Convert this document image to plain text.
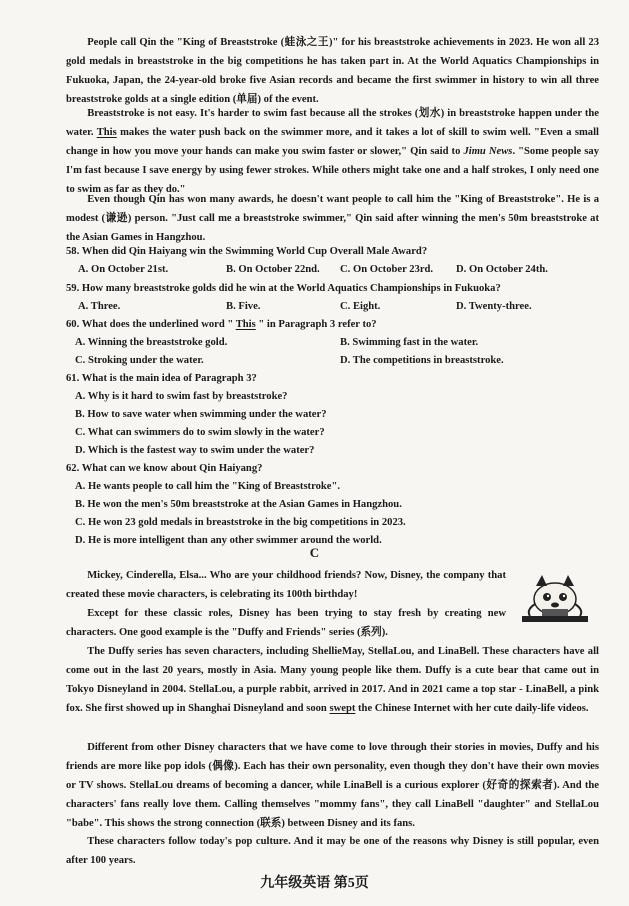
People call Qin the "King of Breaststroke (蛙泳之王)" for his breaststroke achievements in 2023. He won all 23 gold medals in breaststroke in the big competitions he has taken part in. At the World Aquatics Championships in Fukuoka, Japan, the 24-year-old broke five Asian records and became the first swimmer in history to win all three breaststroke golds at a single edition (单届) of the event.

Breaststroke is not easy. It's harder to swim fast because all the strokes (划水) in breaststroke happen under the water. This makes the water push back on the swimmer more, and it takes a lot of skill to swim well. "Even a small change in how you move your hands can make you swim faster or slower," Qin said to Jimu News. "Some people say I'm fast because I save energy by using fewer strokes. While others might take one and a half strokes, I only need one to swim as far as they do."

Even though Qin has won many awards, he doesn't want people to call him the "King of Breaststroke". He is a modest (谦逊) person. "Just call me a breaststroke swimmer," Qin said after winning the men's 50m breaststroke at the Asian Games in Hangzhou.

58. When did Qin Haiyang win the Swimming World Cup Overall Male Award?
A. On October 21st.	B. On October 22nd. C. On October 23rd. D. On October 24th.
59. How many breaststroke golds did he win at the World Aquatics Championships in Fukuoka?
A. Three.	B. Five.	C. Eight.	D. Twenty-three.
60. What does the underlined word " This " in Paragraph 3 refer to?
A. Winning the breaststroke gold.	B. Swimming fast in the water.
C. Stroking under the water.	D. The competitions in breaststroke.
61. What is the main idea of Paragraph 3?
A. Why is it hard to swim fast by breaststroke?
B. How to save water when swimming under the water?
C. What can swimmers do to swim slowly in the water?
D. Which is the fastest way to swim under the water?
62. What can we know about Qin Haiyang?
A. He wants people to call him the "King of Breaststroke".
B. He won the men's 50m breaststroke at the Asian Games in Hangzhou.
C. He won 23 gold medals in breaststroke in the big competitions in 2023.
D. He is more intelligent than any other swimmer around the world.
C

Mickey, Cinderella, Elsa... Who are your childhood friends? Now, Disney, the company that created these movie characters, is celebrating its 100th birthday!

Except for these classic roles, Disney has been trying to stay fresh by creating new characters. One good example is the "Duffy and Friends" series (系列).

The Duffy series has seven characters, including ShellieMay, StellaLou, and LinaBell. These characters have all come out in the last 20 years, mostly in Asia. Many young people like them. Duffy is a cute bear that came out in Tokyo Disneyland in 2004. StellaLou, a purple rabbit, arrived in 2017. And in 2021 came a top star - LinaBell, a pink fox. She first showed up in Shanghai Disneyland and soon swept the Chinese Internet with her cute daily-life videos.

Different from other Disney characters that we have come to love through their stories in movies, Duffy and his friends are more like pop idols (偶像). Each has their own personality, even though they don't have their own movies or TV shows. StellaLou dreams of becoming a dancer, while LinaBell is a curious explorer (好奇的探索者). And the characters' fans really love them. Calling themselves "mommy fans", they call LinaBell "daughter" and StellaLou "babe". This shows the strong connection (联系) between Disney and its fans.

These characters follow today's pop culture. And it may be one of the reasons why Disney is still popular, even after 100 years.

九年级英语 第5页
